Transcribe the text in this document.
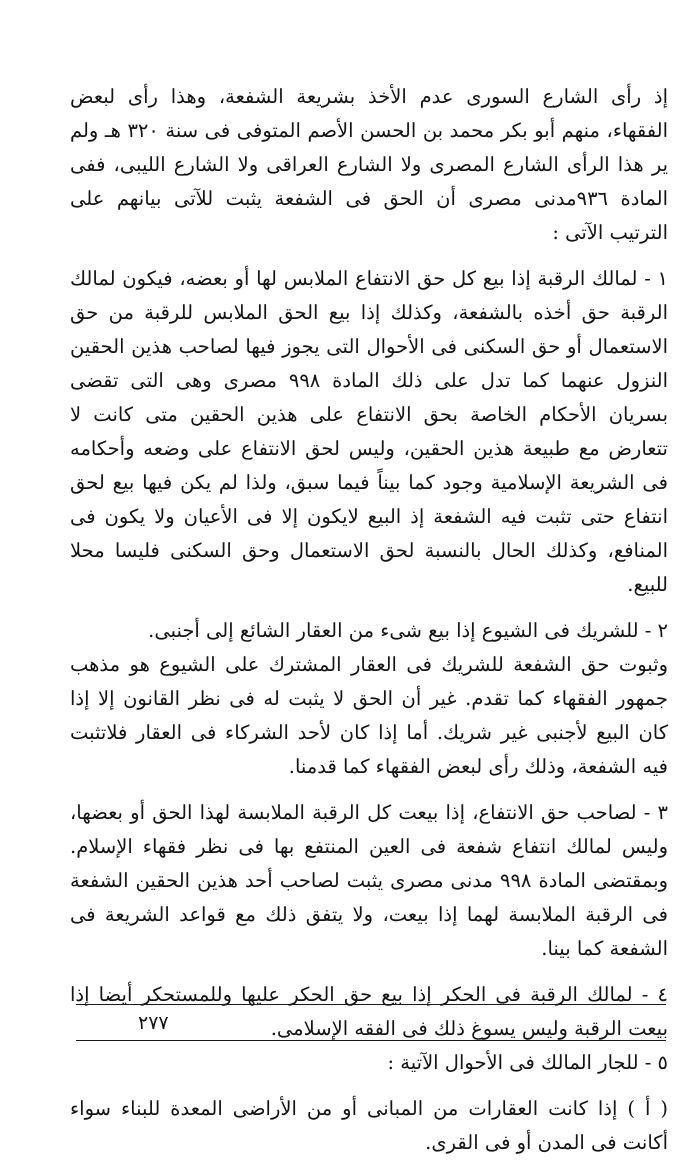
إذ رأى الشارع السورى عدم الأخذ بشريعة الشفعة، وهذا رأى لبعض الفقهاء، منهم أبو بكر محمد بن الحسن الأصم المتوفى فى سنة ٣٢٠ هـ ولم ير هذا الرأى الشارع المصرى ولا الشارع العراقى ولا الشارع الليبى، ففى المادة ٩٣٦مدنى مصرى أن الحق فى الشفعة يثبت للآتى بيانهم على الترتيب الآتى :

١ - لمالك الرقبة إذا بيع كل حق الانتفاع الملابس لها أو بعضه، فيكون لمالك الرقبة حق أخذه بالشفعة، وكذلك إذا بيع الحق الملابس للرقبة من حق الاستعمال أو حق السكنى فى الأحوال التى يجوز فيها لصاحب هذين الحقين النزول عنهما كما تدل على ذلك المادة ٩٩٨ مصرى وهى التى تقضى بسريان الأحكام الخاصة بحق الانتفاع على هذين الحقين متى كانت لا تتعارض مع طبيعة هذين الحقين، وليس لحق الانتفاع على وضعه وأحكامه فى الشريعة الإسلامية وجود كما بيناً فيما سبق، ولذا لم يكن فيها بيع لحق انتفاع حتى تثبت فيه الشفعة إذ البيع لايكون إلا فى الأعيان ولا يكون فى المنافع، وكذلك الحال بالنسبة لحق الاستعمال وحق السكنى فليسا محلا للبيع.

٢ - للشريك فى الشيوع إذا بيع شىء من العقار الشائع إلى أجنبى.

وثبوت حق الشفعة للشريك فى العقار المشترك على الشيوع هو مذهب جمهور الفقهاء كما تقدم. غير أن الحق لا يثبت له فى نظر القانون إلا إذا كان البيع لأجنبى غير شريك. أما إذا كان لأحد الشركاء فى العقار فلاتثبت فيه الشفعة، وذلك رأى لبعض الفقهاء كما قدمنا.

٣ - لصاحب حق الانتفاع، إذا بيعت كل الرقبة الملابسة لهذا الحق أو بعضها، وليس لمالك انتفاع شفعة فى العين المنتفع بها فى نظر فقهاء الإسلام. وبمقتضى المادة ٩٩٨ مدنى مصرى يثبت لصاحب أحد هذين الحقين الشفعة فى الرقبة الملابسة لهما إذا بيعت، ولا يتفق ذلك مع قواعد الشريعة فى الشفعة كما بينا.

٤ - لمالك الرقبة فى الحكر إذا بيع حق الحكر عليها وللمستحكر أيضا إذا بيعت الرقبة وليس يسوغ ذلك فى الفقه الإسلامى.

٥ - للجار المالك فى الأحوال الآتية :

( أ ) إذا كانت العقارات من المبانى أو من الأراضى المعدة للبناء سواء أكانت فى المدن أو فى القرى.

٢٧٧
